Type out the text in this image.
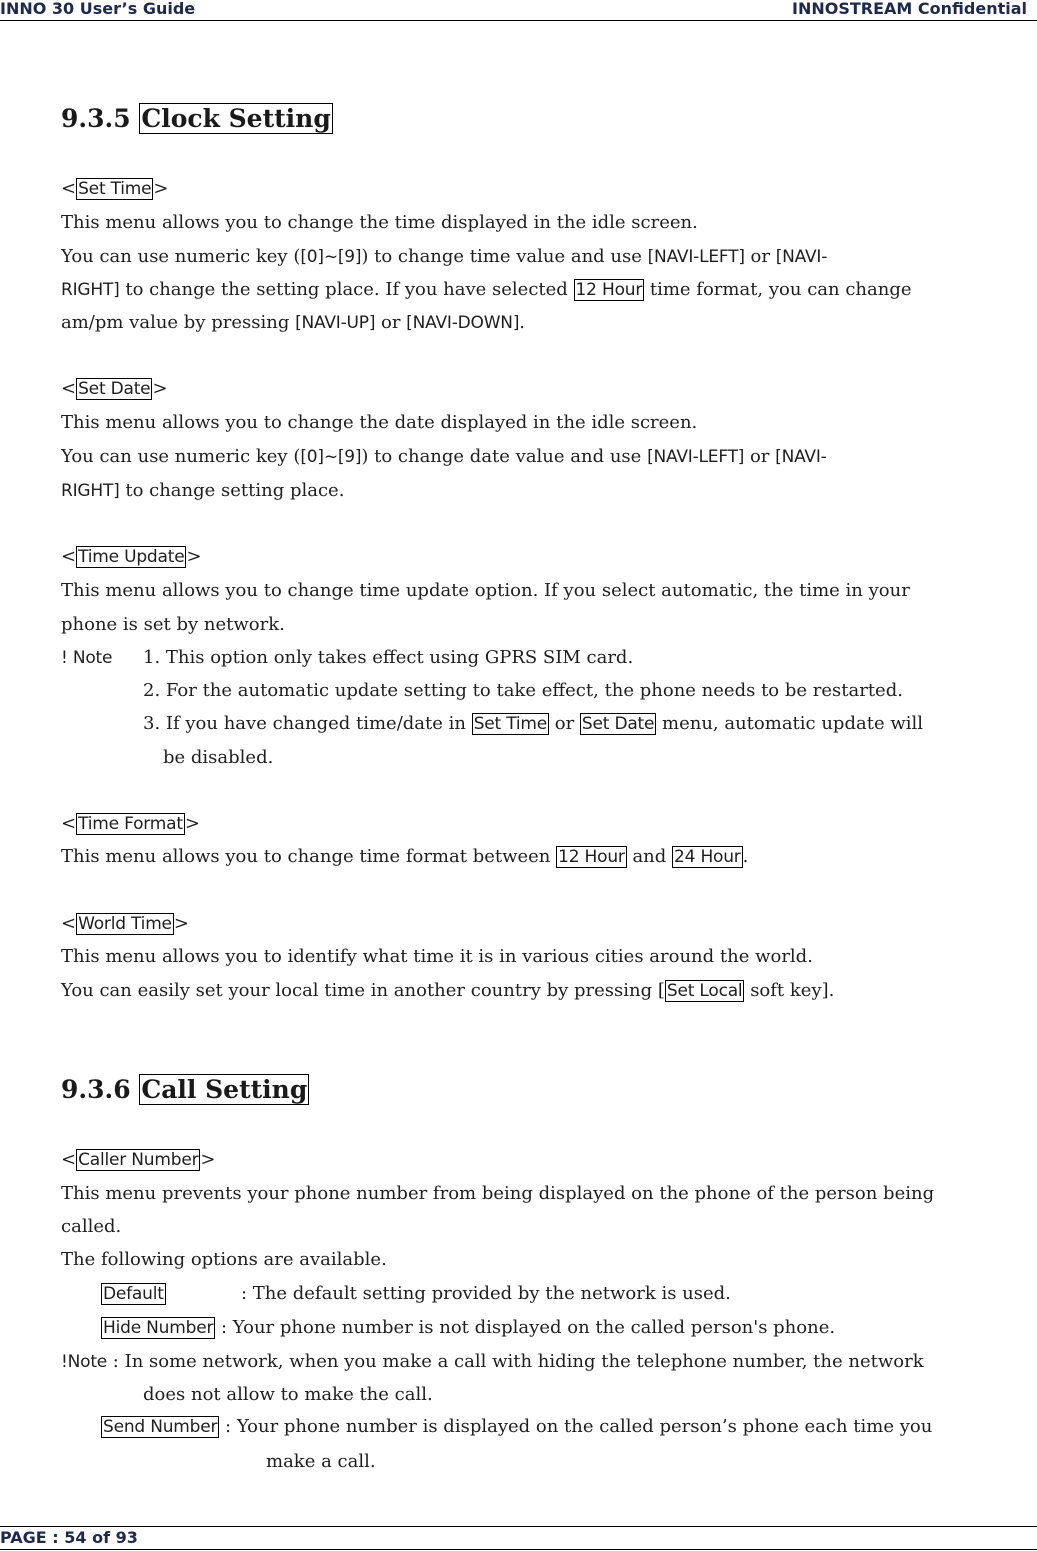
INNO 30 User’s Guide	INNOSTREAM Confidential
9.3.5 Clock Setting
< Set Time >
This menu allows you to change the time displayed in the idle screen.
You can use numeric key ([0]~[9]) to change time value and use [NAVI-LEFT] or [NAVI-
RIGHT] to change the setting place. If you have selected 12 Hour time format, you can change
am/pm value by pressing [NAVI-UP] or [NAVI-DOWN].
< Set Date >
This menu allows you to change the date displayed in the idle screen.
You can use numeric key ([0]~[9]) to change date value and use [NAVI-LEFT] or [NAVI-
RIGHT] to change setting place.
< Time Update >
This menu allows you to change time update option. If you select automatic, the time in your
phone is set by network.
! Note 1. This option only takes effect using GPRS SIM card.
2. For the automatic update setting to take effect, the phone needs to be restarted.
3. If you have changed time/date in Set Time or Set Date menu, automatic update will
be disabled.
< Time Format >
This menu allows you to change time format between 12 Hour and 24 Hour .
< World Time >
This menu allows you to identify what time it is in various cities around the world.
You can easily set your local time in another country by pressing [ Set Local soft key].
9.3.6 Call Setting
< Caller Number >
This menu prevents your phone number from being displayed on the phone of the person being
called.
The following options are available.
Default	: The default setting provided by the network is used.
Hide Number : Your phone number is not displayed on the called person's phone.
!Note : In some network, when you make a call with hiding the telephone number, the network
does not allow to make the call.
Send Number : Your phone number is displayed on the called person’s phone each time you
make a call.
PAGE : 54 of 93
